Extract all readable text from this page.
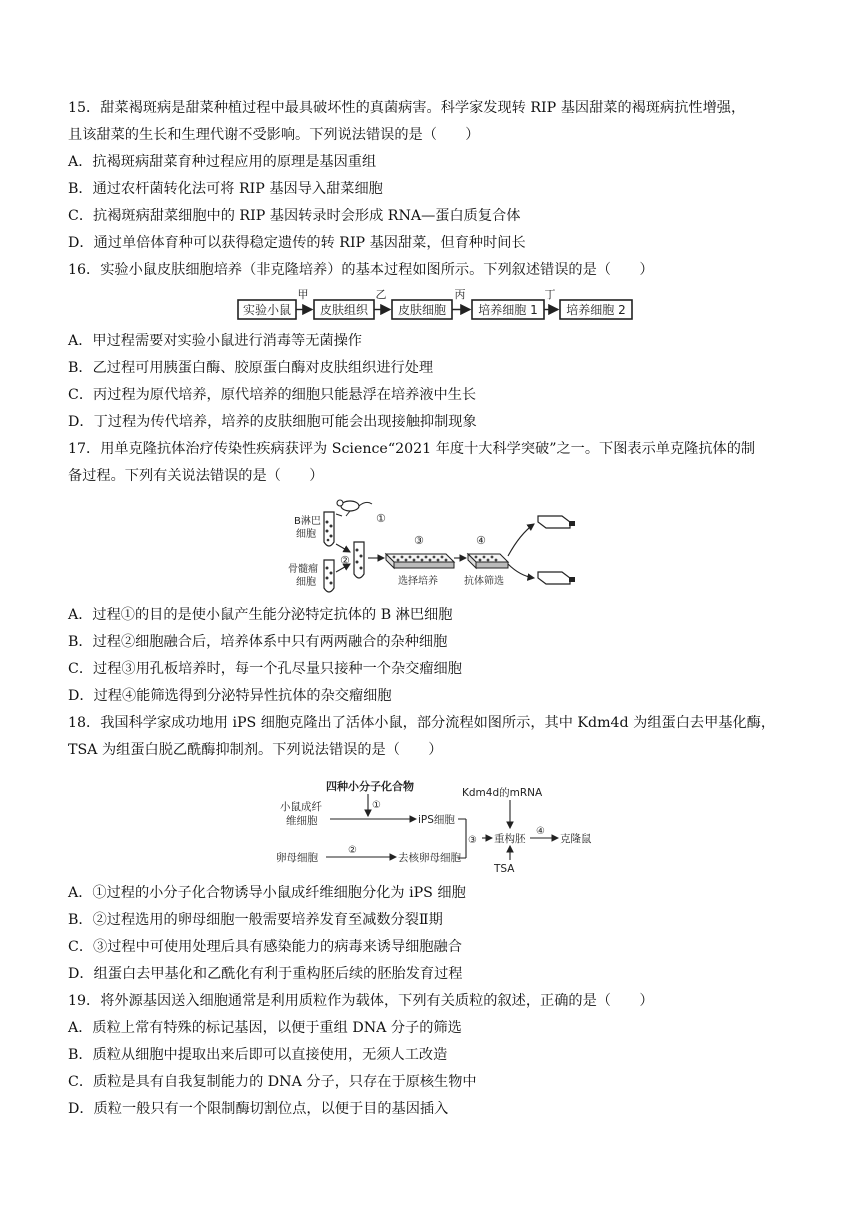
15．甜菜褐斑病是甜菜种植过程中最具破坏性的真菌病害。科学家发现转 RIP 基因甜菜的褐斑病抗性增强，
且该甜菜的生长和生理代谢不受影响。下列说法错误的是（　　）
A．抗褐斑病甜菜育种过程应用的原理是基因重组
B．通过农杆菌转化法可将 RIP 基因导入甜菜细胞
C．抗褐斑病甜菜细胞中的 RIP 基因转录时会形成 RNA—蛋白质复合体
D．通过单倍体育种可以获得稳定遗传的转 RIP 基因甜菜，但育种时间长
16．实验小鼠皮肤细胞培养（非克隆培养）的基本过程如图所示。下列叙述错误的是（　　）
实验小鼠
甲
皮肤组织
乙
皮肤细胞
丙
培养细胞 1
丁
培养细胞 2
A．甲过程需要对实验小鼠进行消毒等无菌操作
B．乙过程可用胰蛋白酶、胶原蛋白酶对皮肤组织进行处理
C．丙过程为原代培养，原代培养的细胞只能悬浮在培养液中生长
D．丁过程为传代培养，培养的皮肤细胞可能会出现接触抑制现象
17．用单克隆抗体治疗传染性疾病获评为 Science“2021 年度十大科学突破”之一。下图表示单克隆抗体的制
备过程。下列有关说法错误的是（　　）
①
B淋巴
细胞
骨髓瘤
细胞
②
③
选择培养
④
抗体筛选
A．过程①的目的是使小鼠产生能分泌特定抗体的 B 淋巴细胞
B．过程②细胞融合后，培养体系中只有两两融合的杂种细胞
C．过程③用孔板培养时，每一个孔尽量只接种一个杂交瘤细胞
D．过程④能筛选得到分泌特异性抗体的杂交瘤细胞
18．我国科学家成功地用 iPS 细胞克隆出了活体小鼠，部分流程如图所示，其中 Kdm4d 为组蛋白去甲基化酶，
TSA 为组蛋白脱乙酰酶抑制剂。下列说法错误的是（　　）
四种小分子化合物
①
小鼠成纤
维细胞	iPS细胞
③
Kdm4d的mRNA
重构胚
④
克隆鼠
TSA
卵母细胞
②
去核卵母细胞
A．①过程的小分子化合物诱导小鼠成纤维细胞分化为 iPS 细胞
B．②过程选用的卵母细胞一般需要培养发育至减数分裂Ⅱ期
C．③过程中可使用处理后具有感染能力的病毒来诱导细胞融合
D．组蛋白去甲基化和乙酰化有利于重构胚后续的胚胎发育过程
19．将外源基因送入细胞通常是利用质粒作为载体，下列有关质粒的叙述，正确的是（　　）
A．质粒上常有特殊的标记基因，以便于重组 DNA 分子的筛选
B．质粒从细胞中提取出来后即可以直接使用，无须人工改造
C．质粒是具有自我复制能力的 DNA 分子，只存在于原核生物中
D．质粒一般只有一个限制酶切割位点，以便于目的基因插入
